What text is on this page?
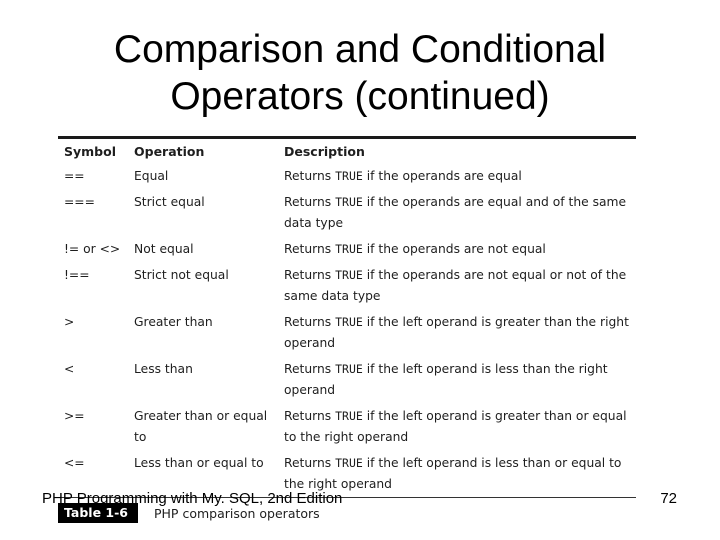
Comparison and Conditional
Operators (continued)
Symbol	Operation	Description
==	Equal	Returns TRUE if the operands are equal
===	Strict equal	Returns TRUE if the operands are equal and of the same data type
!= or <>	Not equal	Returns TRUE if the operands are not equal
!==	Strict not equal	Returns TRUE if the operands are not equal or not of the same data type
>	Greater than	Returns TRUE if the left operand is greater than the right operand
<	Less than	Returns TRUE if the left operand is less than the right operand
>=	Greater than or equal to	Returns TRUE if the left operand is greater than or equal to the right operand
<=	Less than or equal to	Returns TRUE if the left operand is less than or equal to the right operand
Table 1-6	PHP comparison operators
PHP Programming with My. SQL, 2nd Edition	72
